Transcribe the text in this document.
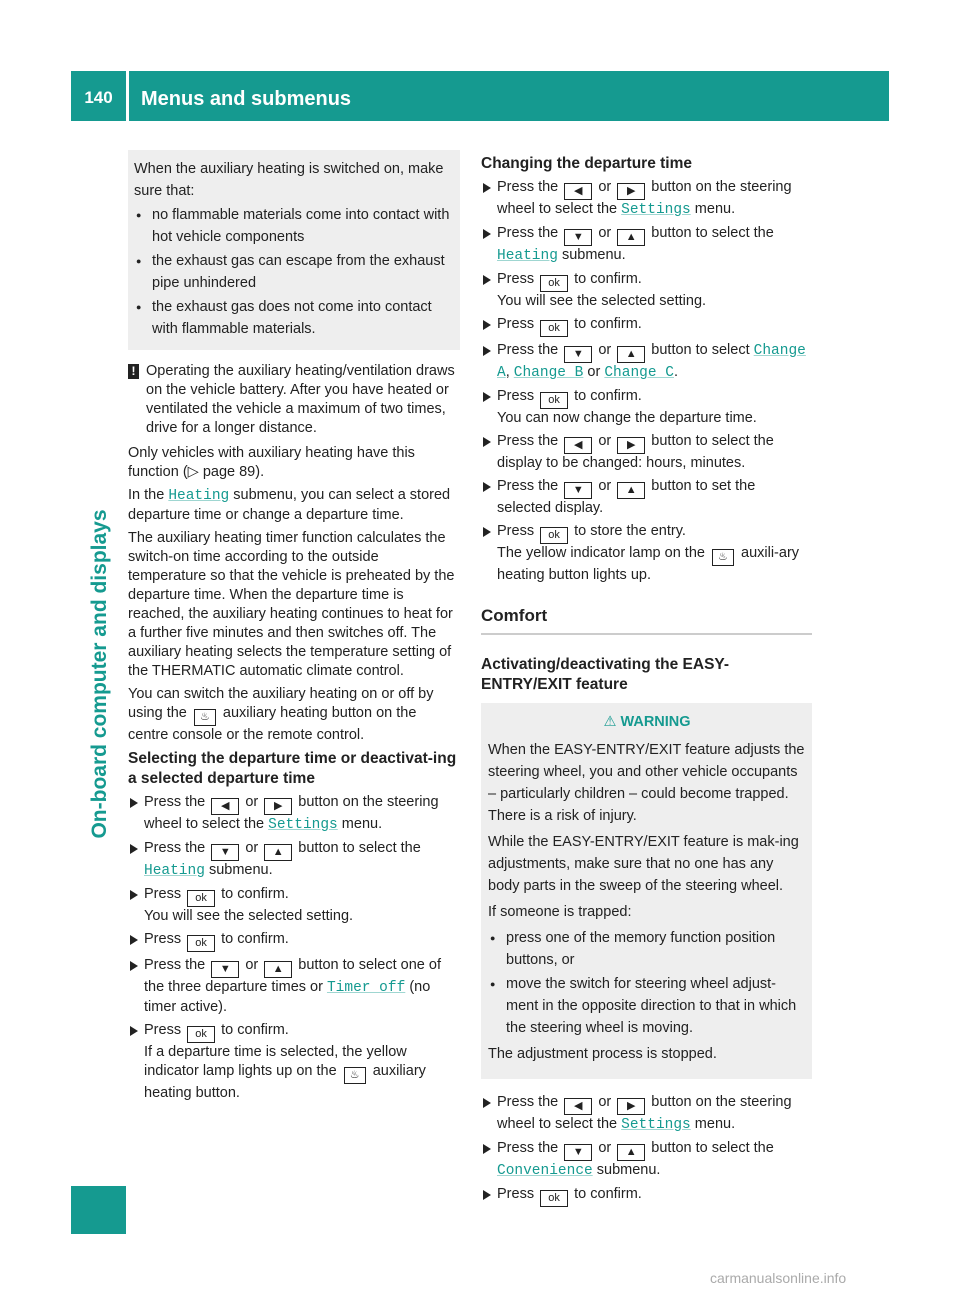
140	Menus and submenus
On-board computer and displays

When the auxiliary heating is switched on, make sure that:

● no flammable materials come into contact with hot vehicle components
● the exhaust gas can escape from the exhaust pipe unhindered
● the exhaust gas does not come into contact with flammable materials.
! Operating the auxiliary heating/ventilation draws on the vehicle battery. After you have heated or ventilated the vehicle a maximum of two times, drive for a longer distance.

Only vehicles with auxiliary heating have this function (▷ page 89).

In the Heating submenu, you can select a stored departure time or change a departure time.

The auxiliary heating timer function calculates the switch-on time according to the outside temperature so that the vehicle is preheated by the departure time. When the departure time is reached, the auxiliary heating continues to heat for a further five minutes and then switches off. The auxiliary heating selects the temperature setting of the THERMATIC automatic climate control.

You can switch the auxiliary heating on or off by using the ♨ auxiliary heating button on the centre console or the remote control.

Selecting the departure time or deactivat-ing a selected departure time
Press the ◀ or ▶ button on the steering wheel to select the Settings menu.
Press the ▼ or ▲ button to select the Heating submenu.
Press ok to confirm.
You will see the selected setting.
Press ok to confirm.
Press the ▼ or ▲ button to select one of the three departure times or Timer off (no timer active).
Press ok to confirm.
If a departure time is selected, the yellow indicator lamp lights up on the ♨ auxiliary heating button.
Changing the departure time
Press the ◀ or ▶ button on the steering wheel to select the Settings menu.
Press the ▼ or ▲ button to select the Heating submenu.
Press ok to confirm.
You will see the selected setting.
Press ok to confirm.
Press the ▼ or ▲ button to select Change A, Change B or Change C.
Press ok to confirm.
You can now change the departure time.
Press the ◀ or ▶ button to select the display to be changed: hours, minutes.
Press the ▼ or ▲ button to set the selected display.
Press ok to store the entry.
The yellow indicator lamp on the ♨ auxili-ary heating button lights up.
Comfort
Activating/deactivating the EASY-ENTRY/EXIT feature

⚠ WARNING

When the EASY-ENTRY/EXIT feature adjusts the steering wheel, you and other vehicle occupants – particularly children – could become trapped. There is a risk of injury.

While the EASY-ENTRY/EXIT feature is mak-ing adjustments, make sure that no one has any body parts in the sweep of the steering wheel.

If someone is trapped:

● press one of the memory function position buttons, or
● move the switch for steering wheel adjust-ment in the opposite direction to that in which the steering wheel is moving.

The adjustment process is stopped.

Press the ◀ or ▶ button on the steering wheel to select the Settings menu.
Press the ▼ or ▲ button to select the Convenience submenu.
Press ok to confirm.
carmanualsonline.info
